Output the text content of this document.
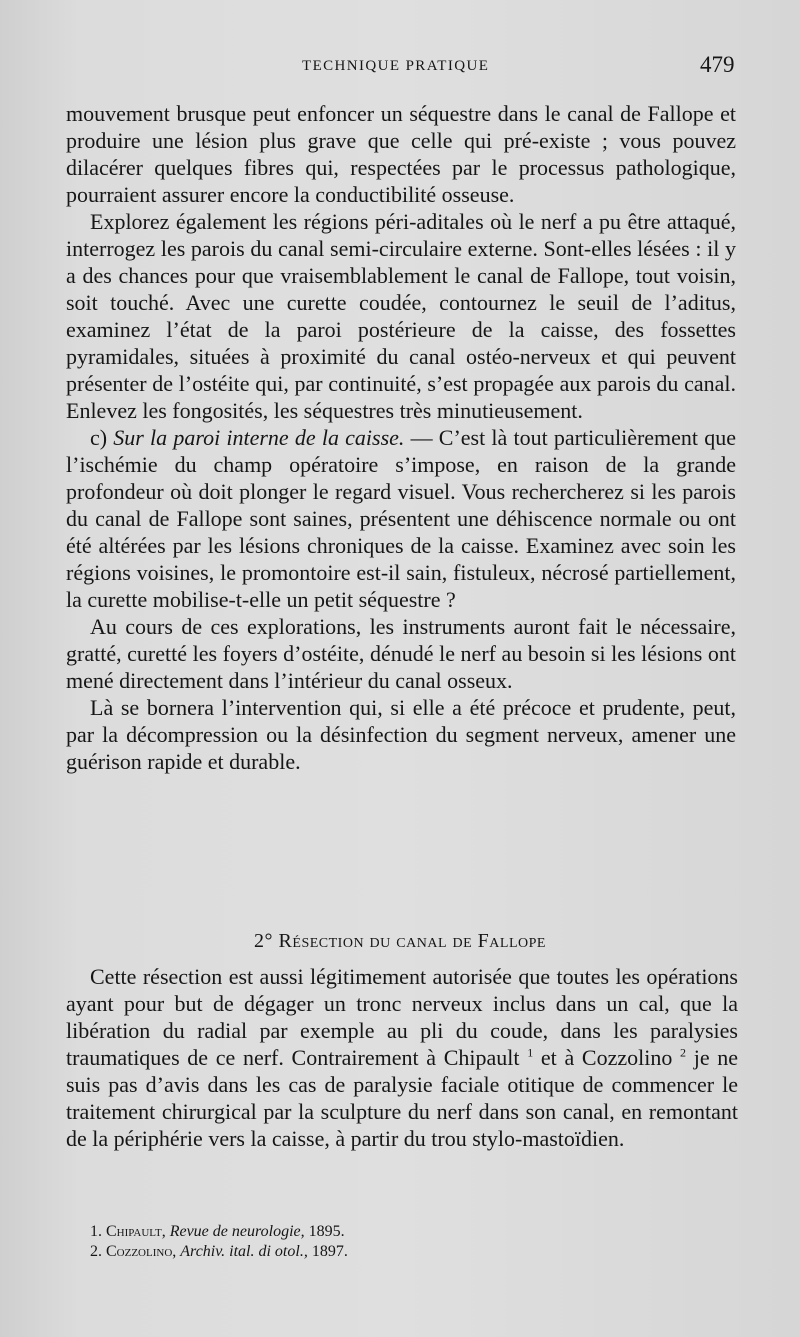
TECHNIQUE PRATIQUE	479

mouvement brusque peut enfoncer un séquestre dans le canal de Fallope et produire une lésion plus grave que celle qui pré-existe ; vous pouvez dilacérer quelques fibres qui, respectées par le processus pathologique, pourraient assurer encore la conductibilité osseuse.

Explorez également les régions péri-aditales où le nerf a pu être attaqué, interrogez les parois du canal semi-circulaire externe. Sont-elles lésées : il y a des chances pour que vraisemblablement le canal de Fallope, tout voisin, soit touché. Avec une curette coudée, contournez le seuil de l’aditus, examinez l’état de la paroi postérieure de la caisse, des fossettes pyramidales, situées à proximité du canal ostéo-nerveux et qui peuvent présenter de l’ostéite qui, par continuité, s’est propagée aux parois du canal. Enlevez les fongosités, les séquestres très minutieusement.

c) Sur la paroi interne de la caisse. — C’est là tout particulièrement que l’ischémie du champ opératoire s’impose, en raison de la grande profondeur où doit plonger le regard visuel. Vous rechercherez si les parois du canal de Fallope sont saines, présentent une déhiscence normale ou ont été altérées par les lésions chroniques de la caisse. Examinez avec soin les régions voisines, le promontoire est-il sain, fistuleux, nécrosé partiellement, la curette mobilise-t-elle un petit séquestre ?

Au cours de ces explorations, les instruments auront fait le nécessaire, gratté, curetté les foyers d’ostéite, dénudé le nerf au besoin si les lésions ont mené directement dans l’intérieur du canal osseux.

Là se bornera l’intervention qui, si elle a été précoce et prudente, peut, par la décompression ou la désinfection du segment nerveux, amener une guérison rapide et durable.

2° Résection du canal de Fallope

Cette résection est aussi légitimement autorisée que toutes les opérations ayant pour but de dégager un tronc nerveux inclus dans un cal, que la libération du radial par exemple au pli du coude, dans les paralysies traumatiques de ce nerf. Contrairement à Chipault $^1$ et à Cozzolino $^2$ je ne suis pas d’avis dans les cas de paralysie faciale otitique de commencer le traitement chirurgical par la sculpture du nerf dans son canal, en remontant de la périphérie vers la caisse, à partir du trou stylo-mastoïdien.

1. Chipault, Revue de neurologie, 1895.

2. Cozzolino, Archiv. ital. di otol., 1897.
